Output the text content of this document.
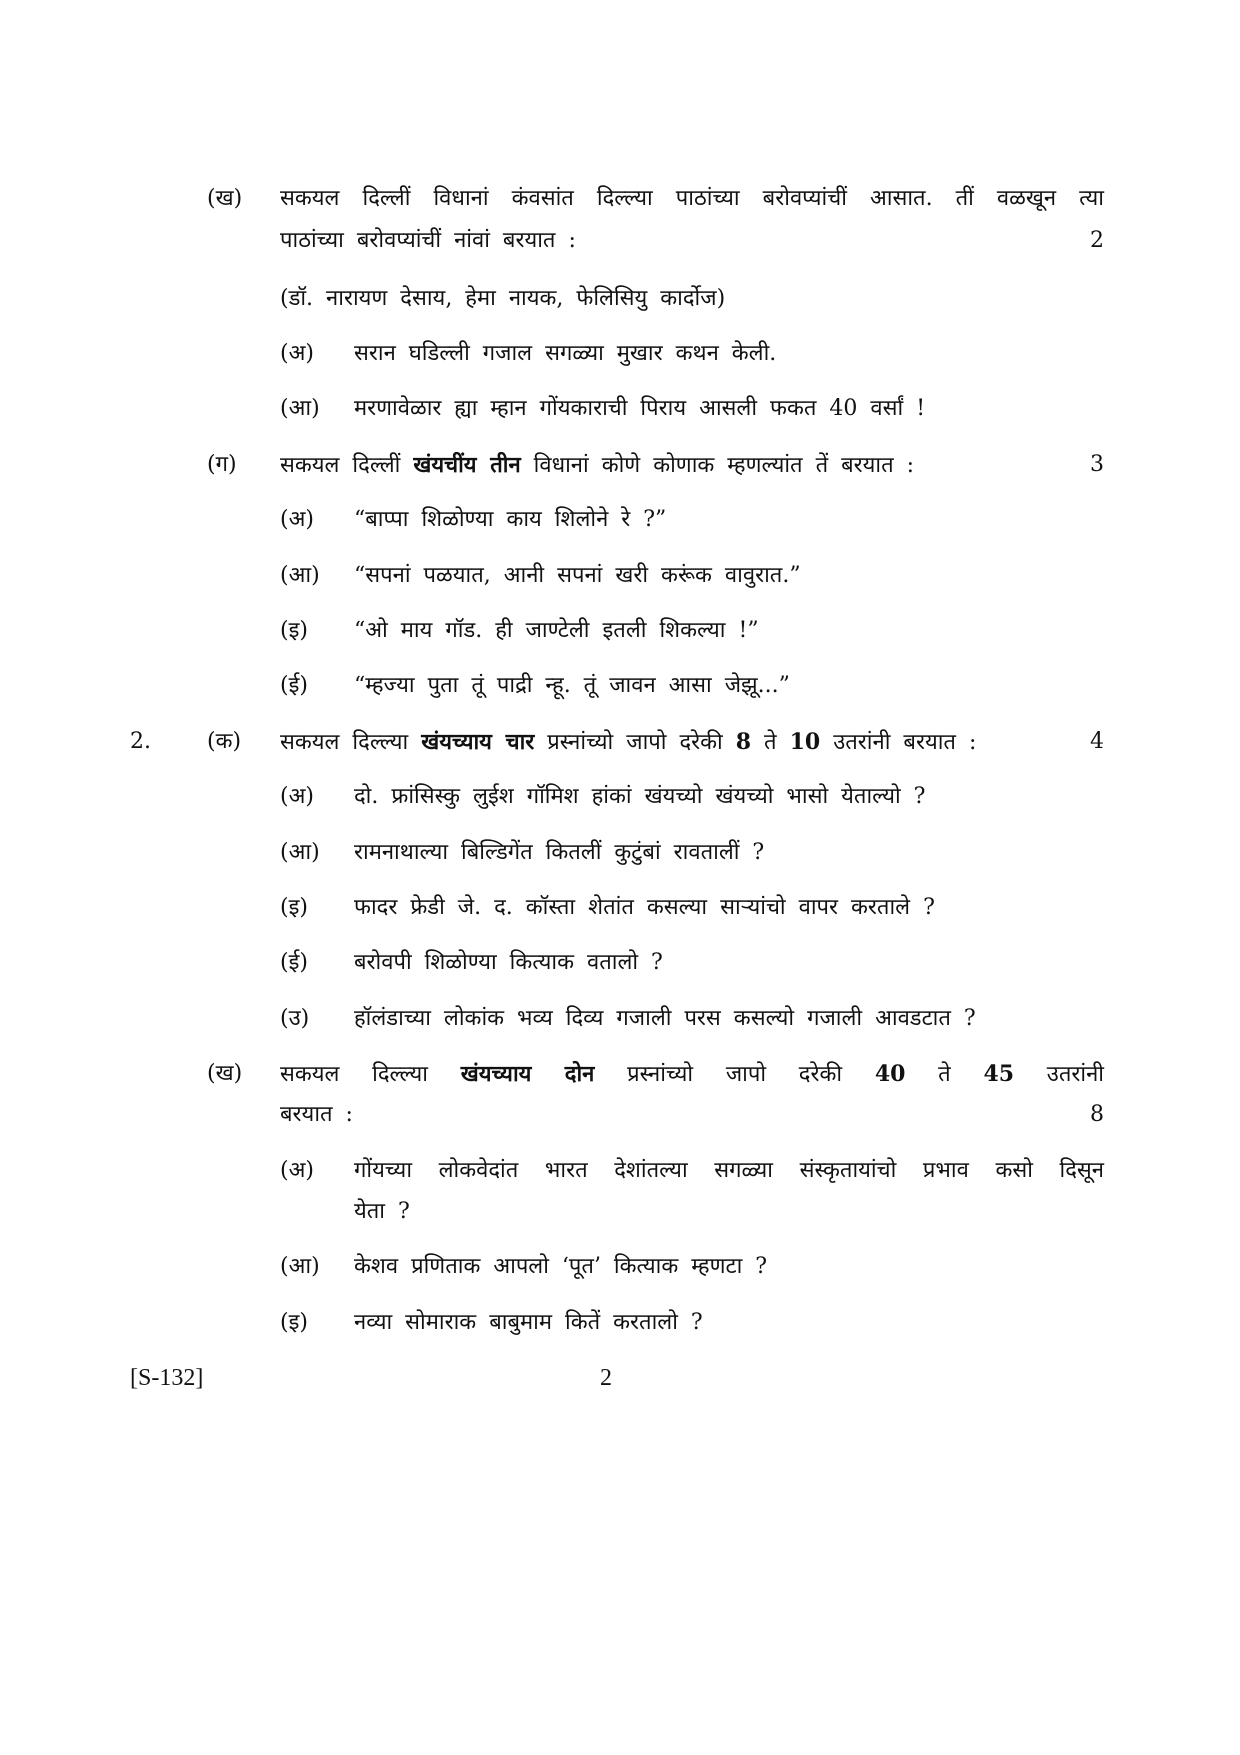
(ख) सकयल दिल्लीं विधानां कंवसांत दिल्ल्या पाठांच्या बरोवप्यांचीं आसात. तीं वळखून त्या
पाठांच्या बरोवप्यांचीं नांवां बरयात :	2
(डॉ. नारायण देसाय, हेमा नायक, फेलिसियु कार्दोज)
(अ) सरान घडिल्ली गजाल सगळ्या मुखार कथन केली.
(आ) मरणावेळार ह्या म्हान गोंयकाराची पिराय आसली फकत 40 वर्सां !
(ग) सकयल दिल्लीं खंयचींय तीन विधानां कोणे कोणाक म्हणल्यांत तें बरयात :	3
(अ) “बाप्पा शिळोण्या काय शिलोने रे ?”
(आ) “सपनां पळयात, आनी सपनां खरी करूंक वावुरात.”
(इ) “ओ माय गॉड. ही जाण्टेली इतली शिकल्या !”
(ई) “म्हज्या पुता तूं पाद्री न्हू. तूं जावन आसा जेझू...”
2.	(क) सकयल दिल्ल्या खंयच्याय चार प्रस्नांच्यो जापो दरेकी 8 ते 10 उतरांनी बरयात :	4
(अ) दो. फ्रांसिस्कु लुईश गॉमिश हांकां खंयच्यो खंयच्यो भासो येताल्यो ?
(आ) रामनाथाल्या बिल्डिगेंत कितलीं कुटुंबां रावतालीं ?
(इ) फादर फ्रेडी जे. द. कॉस्ता शेतांत कसल्या सार्‍यांचो वापर करताले ?
(ई) बरोवपी शिळोण्या कित्याक वतालो ?
(उ) हॉलंडाच्या लोकांक भव्य दिव्य गजाली परस कसल्यो गजाली आवडटात ?
(ख) सकयल दिल्ल्या खंयच्याय दोन प्रस्नांच्यो जापो दरेकी 40 ते 45 उतरांनी
बरयात :	8
(अ) गोंयच्या लोकवेदांत भारत देशांतल्या सगळ्या संस्कृतायांचो प्रभाव कसो दिसून
येता ?
(आ) केशव प्रणिताक आपलो ‘पूत’ कित्याक म्हणटा ?
(इ) नव्या सोमाराक बाबुमाम कितें करतालो ?
[S-132]	2
